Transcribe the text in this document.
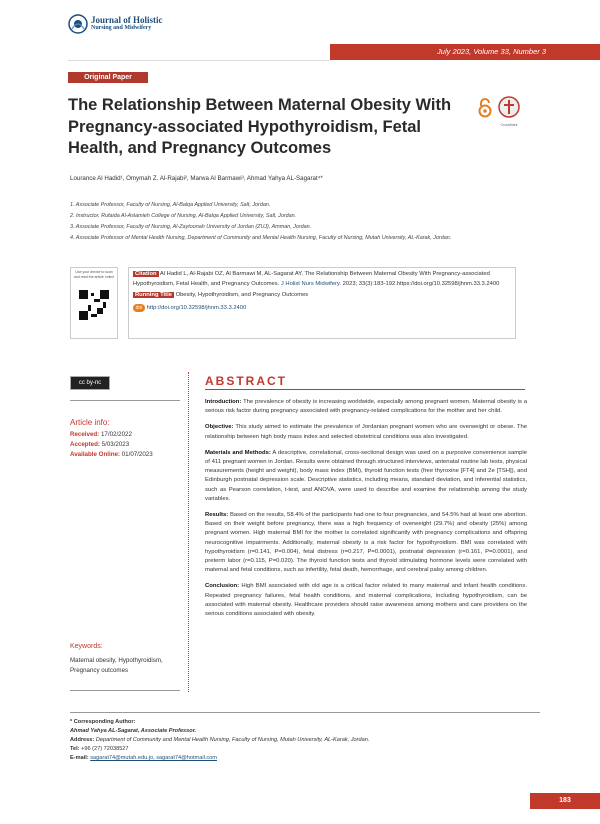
Journal of Holistic
Nursing and Midwifery
July 2023, Volume 33, Number 3
Original Paper
The Relationship Between Maternal Obesity With Pregnancy-associated Hypothyroidism, Fetal Health, and Pregnancy Outcomes
CrossMark
Lourance Al Hadid¹, Omymah Z. Al-Rajabi², Marwa Al Barmawi³, Ahmad Yahya AL-Sagarat⁴*
1. Associate Professor, Faculty of Nursing, Al-Balqa Applied University, Salt, Jordan.
2. Instructor, Rufaida Al-Aslamieh College of Nursing, Al-Balqa Applied University, Salt, Jordan.
3. Associate Professor, Faculty of Nursing, Al-Zaytoonah University of Jordan (ZUJ), Amman, Jordan.
4. Associate Professor of Mental Health Nursing, Department of Community and Mental Health Nursing, Faculty of Nursing, Mutah University, AL-Karak, Jordan.
Use your device to scan and read the article online	Citation Al Hadid L, Al-Rajabi OZ, Al Barmawi M, AL-Sagarat AY. The Relationship Between Maternal Obesity With Pregnancy-associated Hypothyroidism, Fetal Health, and Pregnancy Outcomes. J Holist Nurs Midwifery. 2023; 33(3):183-192.https://doi.org/10.32598/jhnm.33.3.2400
Running Title Obesity, Hypothyroidism, and Pregnancy Outcomes
doi http://doi.org/10.32598/jhnm.33.3.2400
cc by-nc
Article info:
Received: 17/02/2022
Accepted: 5/03/2023
Available Online: 01/07/2023
Keywords:
Maternal obesity, Hypothyroidism, Pregnancy outcomes
ABSTRACT

Introduction: The prevalence of obesity is increasing worldwide, especially among pregnant women. Maternal obesity is a serious risk factor during pregnancy associated with pregnancy-related complications for the mother and her child.

Objective: This study aimed to estimate the prevalence of Jordanian pregnant women who are overweight or obese. The relationship between high body mass index and selected obstetrical conditions was also investigated.

Materials and Methods: A descriptive, correlational, cross-sectional design was used on a purposive convenience sample of 411 pregnant women in Jordan. Results were obtained through structured interviews, antenatal routine lab tests, physical measurements (height and weight), body mass index (BMI), thyroid function tests (free thyroxine [FT4] and 2e [TSH]), and Edinburgh postnatal depression scale. Descriptive statistics, including means, standard deviation, and inferential statistics, such as Pearson correlation, t-test, and ANOVA, were used to describe and examine the relationship among the study variables.

Results: Based on the results, 58.4% of the participants had one to four pregnancies, and 54.5% had at least one abortion. Based on their weight before pregnancy, there was a high frequency of overweight (29.7%) and obesity (25%) among pregnant women. High maternal BMI for the mother is correlated significantly with pregnancy complications and offspring neurocognitive impairments. Additionally, maternal obesity is a risk factor for hypothyroidism. BMI was correlated with hypothyroidism (r=0.141, P=0.004), fetal distress (r=0.217, P=0.0001), postnatal depression (r=0.161, P=0.0001), and preterm labor (r=0.115, P=0.020). The thyroid function tests and thyroid stimulating hormone levels were correlated with maternal and fetal conditions, such as infertility, fetal death, hemorrhage, and cerebral palsy among children.

Conclusion: High BMI associated with old age is a critical factor related to many maternal and infant health conditions. Repeated pregnancy failures, fetal health conditions, and maternal complications, including hypothyroidism, can be associated with maternal obesity. Healthcare providers should raise awareness among mothers and care providers on the serious conditions associated with obesity.

* Corresponding Author:
Ahmad Yahya AL-Sagarat, Associate Professor.
Address: Department of Community and Mental Health Nursing, Faculty of Nursing, Mutah University, AL-Karak, Jordan.
Tel: +96 (27) 72038527
E-mail: sagarat74@mutah.edu.jo, sagarat74@hotmail.com
183
